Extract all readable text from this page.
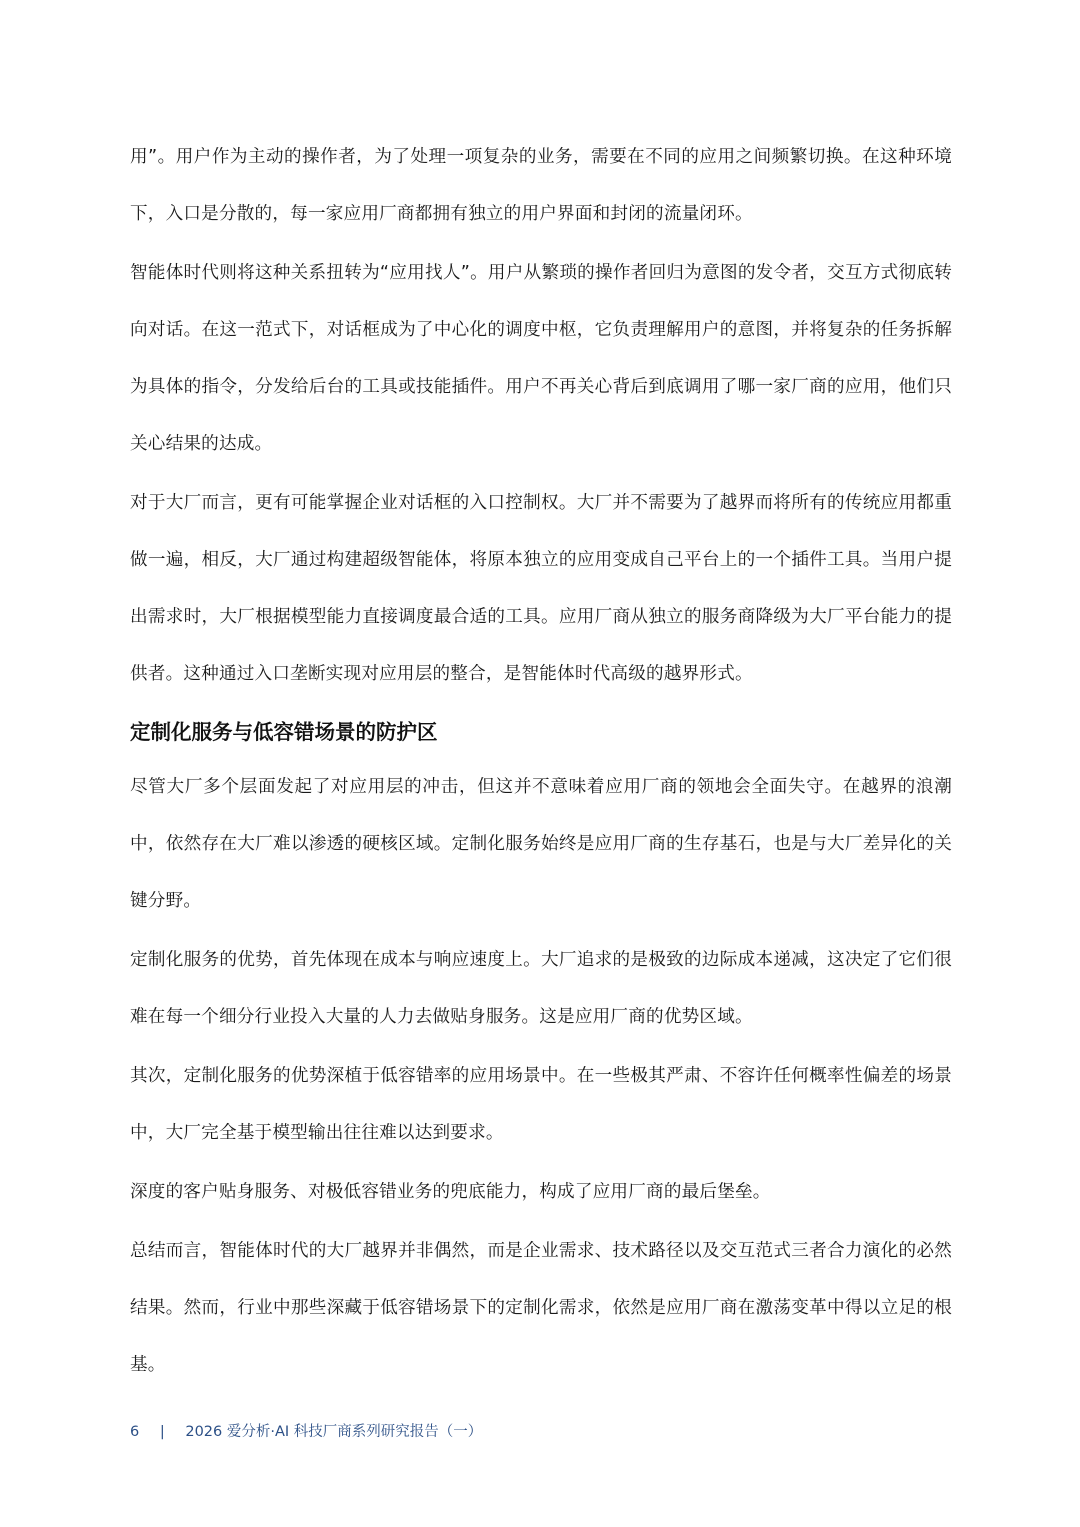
用”。用户作为主动的操作者，为了处理一项复杂的业务，需要在不同的应用之间频繁切换。在这种环境下，入口是分散的，每一家应用厂商都拥有独立的用户界面和封闭的流量闭环。

智能体时代则将这种关系扭转为“应用找人”。用户从繁琐的操作者回归为意图的发令者，交互方式彻底转向对话。在这一范式下，对话框成为了中心化的调度中枢，它负责理解用户的意图，并将复杂的任务拆解为具体的指令，分发给后台的工具或技能插件。用户不再关心背后到底调用了哪一家厂商的应用，他们只关心结果的达成。

对于大厂而言，更有可能掌握企业对话框的入口控制权。大厂并不需要为了越界而将所有的传统应用都重做一遍，相反，大厂通过构建超级智能体，将原本独立的应用变成自己平台上的一个插件工具。当用户提出需求时，大厂根据模型能力直接调度最合适的工具。应用厂商从独立的服务商降级为大厂平台能力的提供者。这种通过入口垄断实现对应用层的整合，是智能体时代高级的越界形式。

定制化服务与低容错场景的防护区

尽管大厂多个层面发起了对应用层的冲击，但这并不意味着应用厂商的领地会全面失守。在越界的浪潮中，依然存在大厂难以渗透的硬核区域。定制化服务始终是应用厂商的生存基石，也是与大厂差异化的关键分野。

定制化服务的优势，首先体现在成本与响应速度上。大厂追求的是极致的边际成本递减，这决定了它们很难在每一个细分行业投入大量的人力去做贴身服务。这是应用厂商的优势区域。

其次，定制化服务的优势深植于低容错率的应用场景中。在一些极其严肃、不容许任何概率性偏差的场景中，大厂完全基于模型输出往往难以达到要求。

深度的客户贴身服务、对极低容错业务的兜底能力，构成了应用厂商的最后堡垒。

总结而言，智能体时代的大厂越界并非偶然，而是企业需求、技术路径以及交互范式三者合力演化的必然结果。然而，行业中那些深藏于低容错场景下的定制化需求，依然是应用厂商在激荡变革中得以立足的根基。

6 | 2026 爱分析·AI 科技厂商系列研究报告（一）
